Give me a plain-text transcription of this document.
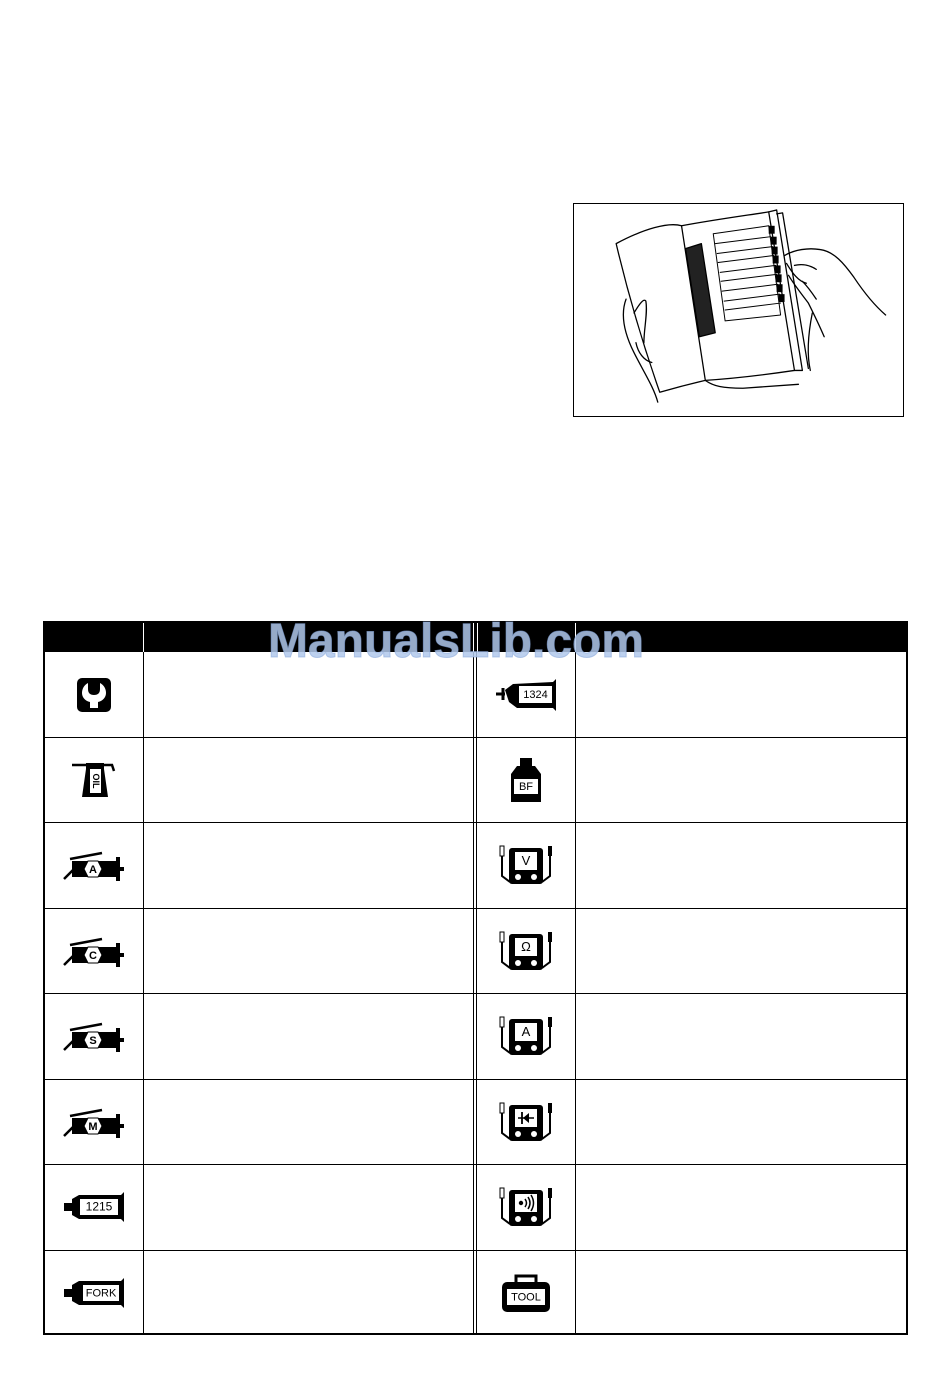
OIL
A
C
S
M
1215
FORK
1324
BF
V
Ω
A
TOOL
ManualsLib.com
